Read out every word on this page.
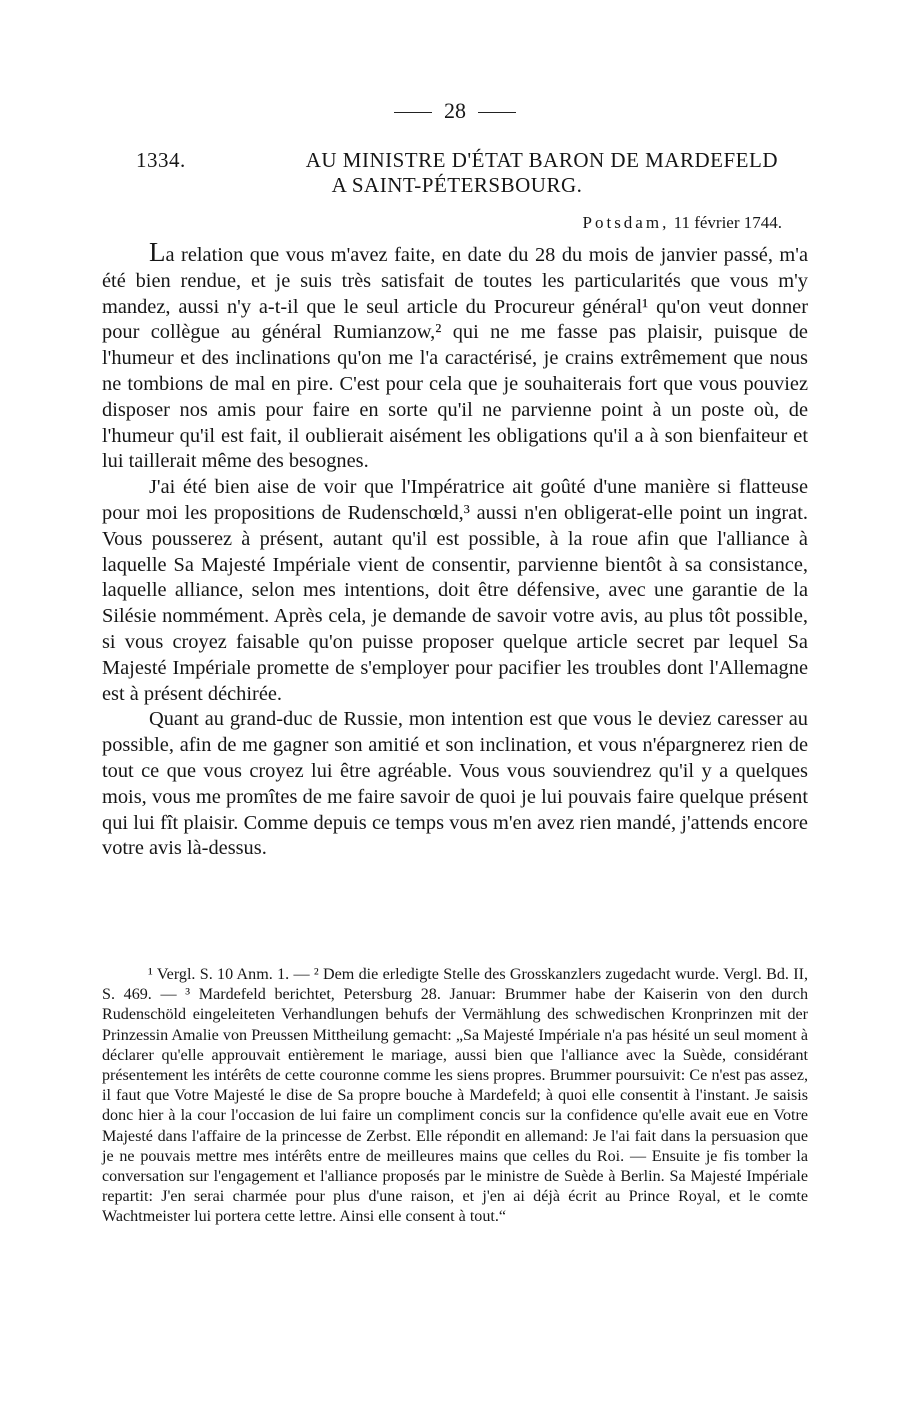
28
1334.	AU MINISTRE D'ÉTAT BARON DE MARDEFELD
A SAINT-PÉTERSBOURG.
Potsdam, 11 février 1744.

La relation que vous m'avez faite, en date du 28 du mois de janvier passé, m'a été bien rendue, et je suis très satisfait de toutes les particularités que vous m'y mandez, aussi n'y a-t-il que le seul article du Procureur général¹ qu'on veut donner pour collègue au général Rumianzow,² qui ne me fasse pas plaisir, puisque de l'humeur et des inclinations qu'on me l'a caractérisé, je crains extrêmement que nous ne tombions de mal en pire. C'est pour cela que je souhaiterais fort que vous pouviez disposer nos amis pour faire en sorte qu'il ne parvienne point à un poste où, de l'humeur qu'il est fait, il oublierait aisément les obligations qu'il a à son bienfaiteur et lui taillerait même des besognes.

J'ai été bien aise de voir que l'Impératrice ait goûté d'une manière si flatteuse pour moi les propositions de Rudenschœld,³ aussi n'en obligerat-elle point un ingrat. Vous pousserez à présent, autant qu'il est possible, à la roue afin que l'alliance à laquelle Sa Majesté Impériale vient de consentir, parvienne bientôt à sa consistance, laquelle alliance, selon mes intentions, doit être défensive, avec une garantie de la Silésie nommément. Après cela, je demande de savoir votre avis, au plus tôt possible, si vous croyez faisable qu'on puisse proposer quelque article secret par lequel Sa Majesté Impériale promette de s'employer pour pacifier les troubles dont l'Allemagne est à présent déchirée.

Quant au grand-duc de Russie, mon intention est que vous le deviez caresser au possible, afin de me gagner son amitié et son inclination, et vous n'épargnerez rien de tout ce que vous croyez lui être agréable. Vous vous souviendrez qu'il y a quelques mois, vous me promîtes de me faire savoir de quoi je lui pouvais faire quelque présent qui lui fît plaisir. Comme depuis ce temps vous m'en avez rien mandé, j'attends encore votre avis là-dessus.

¹ Vergl. S. 10 Anm. 1. — ² Dem die erledigte Stelle des Grosskanzlers zugedacht wurde. Vergl. Bd. II, S. 469. — ³ Mardefeld berichtet, Petersburg 28. Januar: Brummer habe der Kaiserin von den durch Rudenschöld eingeleiteten Verhandlungen behufs der Vermählung des schwedischen Kronprinzen mit der Prinzessin Amalie von Preussen Mittheilung gemacht: „Sa Majesté Impériale n'a pas hésité un seul moment à déclarer qu'elle approuvait entièrement le mariage, aussi bien que l'alliance avec la Suède, considérant présentement les intérêts de cette couronne comme les siens propres. Brummer poursuivit: Ce n'est pas assez, il faut que Votre Majesté le dise de Sa propre bouche à Mardefeld; à quoi elle consentit à l'instant. Je saisis donc hier à la cour l'occasion de lui faire un compliment concis sur la confidence qu'elle avait eue en Votre Majesté dans l'affaire de la princesse de Zerbst. Elle répondit en allemand: Je l'ai fait dans la persuasion que je ne pouvais mettre mes intérêts entre de meilleures mains que celles du Roi. — Ensuite je fis tomber la conversation sur l'engagement et l'alliance proposés par le ministre de Suède à Berlin. Sa Majesté Impériale repartit: J'en serai charmée pour plus d'une raison, et j'en ai déjà écrit au Prince Royal, et le comte Wachtmeister lui portera cette lettre. Ainsi elle consent à tout.“
